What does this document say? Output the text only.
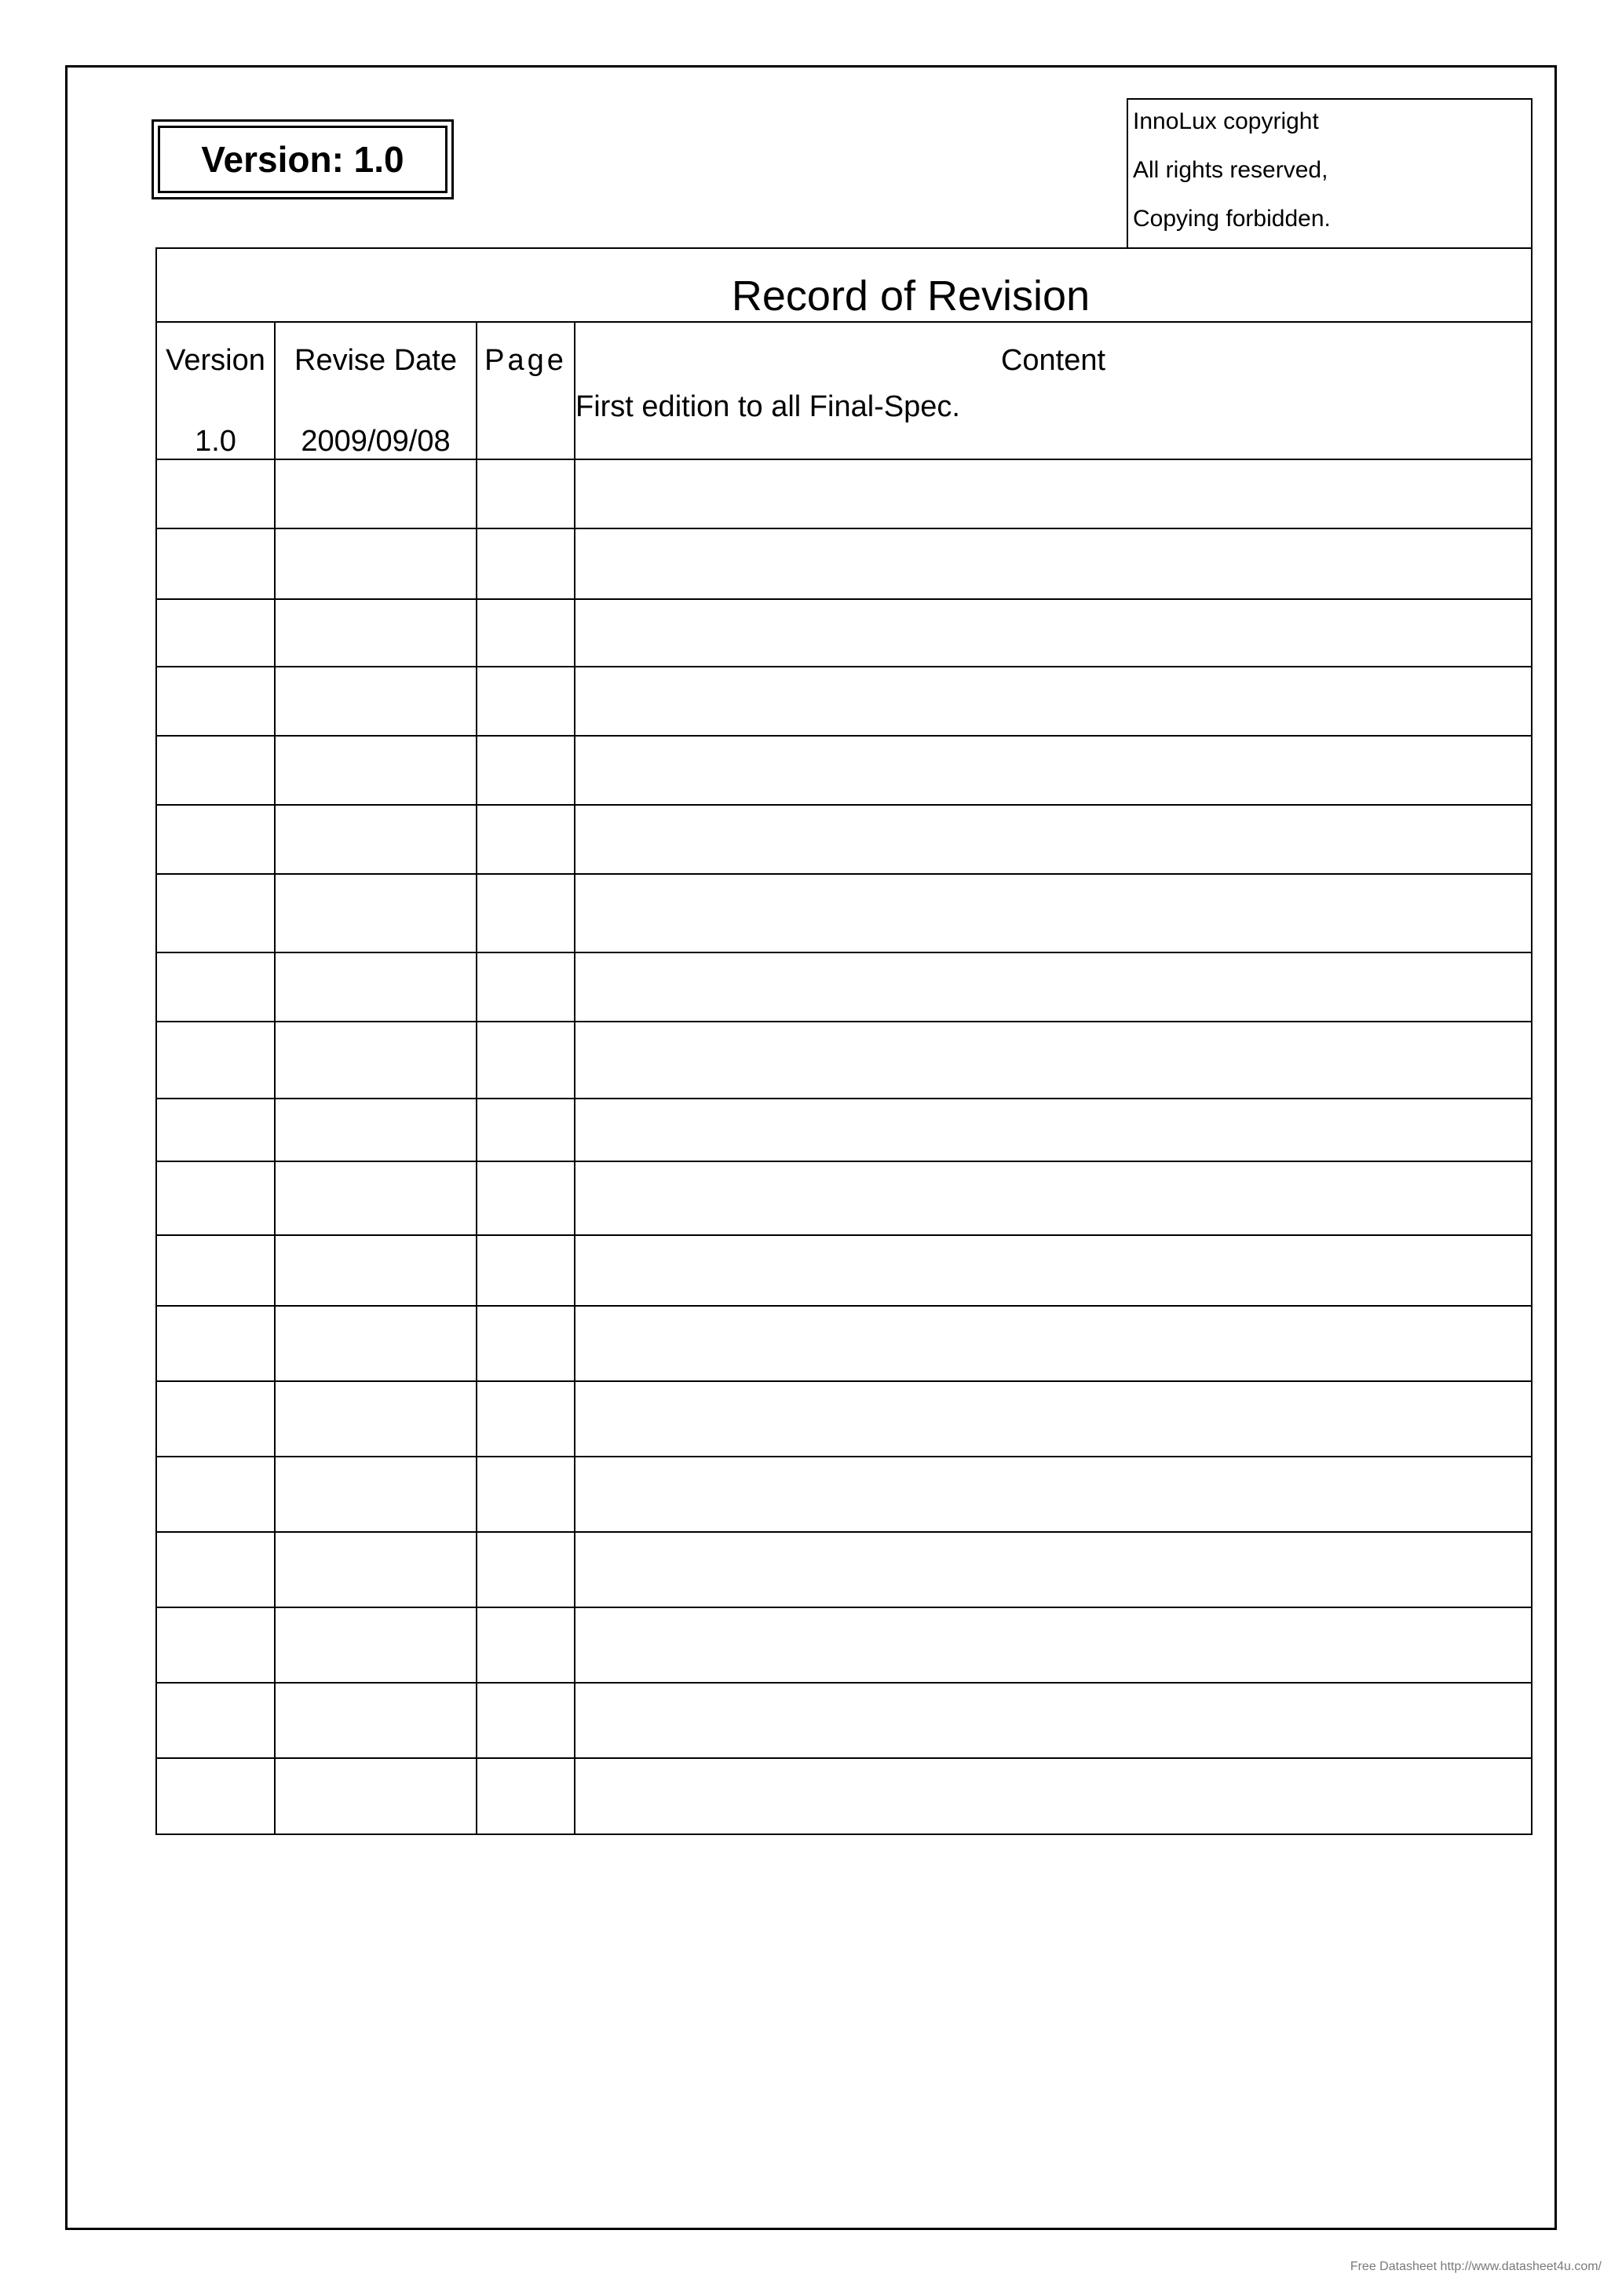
Version: 1.0
InnoLux copyright
All rights reserved,
Copying forbidden.
Record of Revision
Version	Revise Date	Page	Content
1.0	2009/09/08		First edition to all Final-Spec.

Free Datasheet http://www.datasheet4u.com/
